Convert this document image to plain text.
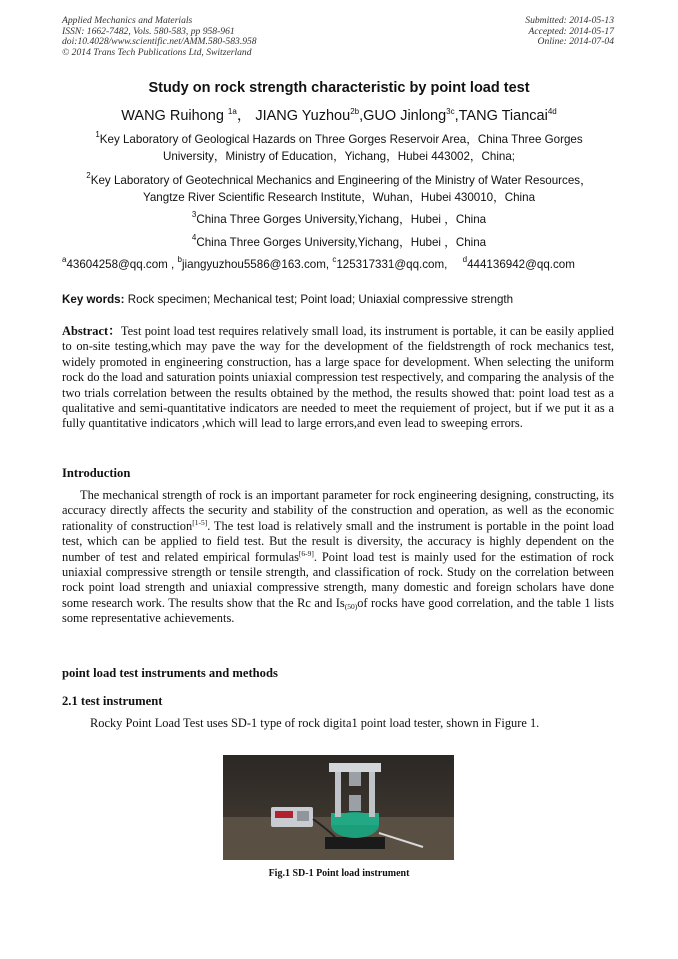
Applied Mechanics and Materials
ISSN: 1662-7482, Vols. 580-583, pp 958-961
doi:10.4028/www.scientific.net/AMM.580-583.958
© 2014 Trans Tech Publications Ltd, Switzerland
Submitted: 2014-05-13
Accepted: 2014-05-17
Online: 2014-07-04
Study on rock strength characteristic by point load test
WANG Ruihong $^{1a}$， JIANG Yuzhou$^{2b}$,GUO Jinlong$^{3c}$,TANG Tiancai$^{4d}$
$^1$Key Laboratory of Geological Hazards on Three Gorges Reservoir Area，China Three Gorges
University，Ministry of Education，Yichang，Hubei 443002，China;
$^2$Key Laboratory of Geotechnical Mechanics and Engineering of the Ministry of Water Resources，
Yangtze River Scientific Research Institute，Wuhan，Hubei 430010，China
$^3$China Three Gorges University,Yichang，Hubei ，China
$^4$China Three Gorges University,Yichang，Hubei ，China
$^a$43604258@qq.com , $^b$jiangyuzhou5586@163.com, $^c$125317331@qq.com, $^d$444136942@qq.com
Key words: Rock specimen; Mechanical test; Point load; Uniaxial compressive strength
Abstract：Test point load test requires relatively small load, its instrument is portable, it can be easily applied to on-site testing,which may pave the way for the development of the fieldstrength of rock mechanics test, widely promoted in engineering construction, has a large space for development. When selecting the uniform rock do the load and saturation points uniaxial compression test respectively, and comparing the analysis of the two trials correlation between the results obtained by the method, the results showed that: point load test as a qualitative and semi-quantitative indicators are needed to meet the requiement of project, but if we put it as a fully quantitative indicators ,which will lead to large errors,and even lead to sweeping errors.
Introduction
The mechanical strength of rock is an important parameter for rock engineering designing, constructing, its accuracy directly affects the security and stability of the construction and operation, as well as the economic rationality of construction[1-5]. The test load is relatively small and the instrument is portable in the point load test, which can be applied to field test. But the result is diversity, the accuracy is highly dependent on the number of test and related empirical formulas[6-9]. Point load test is mainly used for the estimation of rock uniaxial compressive strength or tensile strength, and classification of rock. Study on the correlation between rock point load strength and uniaxial compressive strength, many domestic and foreign scholars have done some research work. The results show that the Rc and $Is_{(50)}of$ rocks have good correlation, and the table 1 lists some representative achievements.
point load test instruments and methods
2.1 test instrument
Rocky Point Load Test uses SD-1 type of rock digita1 point load tester, shown in Figure 1.
Fig.1 SD-1 Point load instrument
